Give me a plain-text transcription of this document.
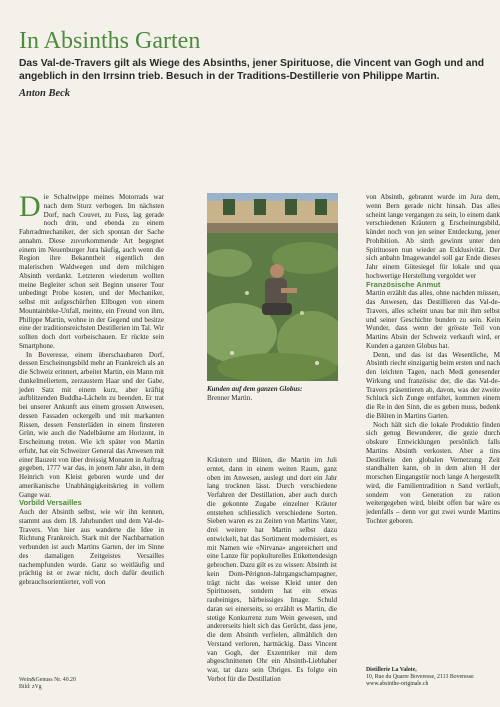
In Absinths Garten

Das Val-de-Travers gilt als Wiege des Absinths, jener Spirituose, die Vincent van Gogh und and

angeblich in den Irrsinn trieb. Besuch in der Traditions-Destillerie von Philippe Martin.

Anton Beck

Die Schaltwippe meines Motorrads war nach dem Sturz verbogen. Im nächsten Dorf, nach Couvet, zu Fuss, lag gerade noch drin, und ebenda zu einem Fahrradmechaniker, der sich spontan der Sache annahm. Diese zuvorkommende Art begegnet einem im Neuenburger Jura häufig, auch wenn die Region ihre Bekanntheit eigentlich den malerischen Waldwegen und dem milchigen Absinth verdankt. Letzteren wiederum wollten meine Begleiter schon seit Beginn unserer Tour unbedingt Probe kosten, und der Mechaniker, selbst mit aufgeschürften Ellbogen von einem Mountainbike-Unfall, meinte, ein Freund von ihm, Philippe Martin, wohne in der Gegend und besitze eine der traditionsreichsten Destillerien im Tal. Wir sollten doch dort vorbeischauen. Er rückte sein Smartphone.

In Boveresse, einem überschaubaren Dorf, dessen Erscheinungsbild mehr an Frankreich als an die Schweiz erinnert, arbeitet Martin, ein Mann mit dunkelmeliertem, zerzaustem Haar und der Gabe, jeden Satz mit einem kurz, aber kräftig aufblitzenden Buddha-Lächeln zu beenden. Er trat bei unserer Ankunft aus einem grossen Anwesen, dessen Fassaden ockergelb und mit markanten Rissen, dessen Fensterläden in einem finsteren Grün, wie auch die Nadelbäume am Horizont, in Erscheinung treten. Wie ich später von Martin erfuhr, hat ein Schweizer General das Anwesen mit einer Bauzeit von über dreissig Monaten in Auftrag gegeben, 1777 war das, in jenem Jahr also, in dem Heinrich von Kleist geboren wurde und der amerikanische Unabhängigkeitskrieg in vollem Gange war.

Vorbild Versailles

Auch der Absinth selbst, wie wir ihn kennen, stammt aus dem 18. Jahrhundert und dem Val-de-Travers. Von hier aus wanderte die Idee in Richtung Frankreich. Stark mit der Nachbarnation verbunden ist auch Martins Garten, der im Sinne des damaligen Zeitgeistes Versailles nachempfunden wurde. Ganz so weitläufig und prächtig ist er zwar nicht, doch dafür deutlich gebrauchsorientierter, voll von

Kunden auf dem ganzen Globus:
Brenner Martin.

Kräutern und Blüten, die Martin im Juli erntet, dann in einem weiten Raum, ganz oben im Anwesen, auslegt und dort ein Jahr lang trocknen lässt. Durch verschiedene Verfahren der Destillation, aber auch durch die gekonnte Zugabe einzelner Kräuter entstehen schliesslich verschiedene Sorten. Sieben waren es zu Zeiten von Martins Vater, drei weitere hat Martin selbst dazu entwickelt, hat das Sortiment modernisiert, es mit Namen wie «Nirvana» angereichert und eine Lanze für popkulturelles Etikettendesign gebrochen. Dazu gilt es zu wissen: Absinth ist kein Dom-Pérignon-Jahrgangschampagner, trägt nicht das weisse Kleid unter den Spirituosen, sondern hat ein etwas raubeiniges, bärbeissiges Image. Schuld daran sei einerseits, so erzählt es Martin, die stetige Konkurrenz zum Wein gewesen, und andererseits hielt sich das Gerücht, dass jene, die dem Absinth verfielen, allmählich den Verstand verloren, hartnäckig. Dass Vincent van Gogh, der Exzentriker mit dem abgeschnittenen Ohr ein Absinth-Liebhaber war, tat dazu sein Übriges. Es folgte ein Verbot für die Destillation

von Absinth, gebrannt wurde im Jura dem, wenn Bern gerade nicht hinsah. Das alles scheint lange vergangen zu sein, lo einem dank verschiedenen Kräutern g Erscheinungsbild, kündet noch von jen seiner Entdeckung, jener Prohibition. Ab sinth gewinnt unter den Spirituosen nun wieder an Exklusivität. Der sich anbahn Imagewandel soll gar Ende dieses Jahr einem Gütesiegel für lokale und qua hochwertige Herstellung vergoldet wer

Französische Anmut

Martin erzählt das alles, ohne nachden müssen, das Anwesen, das Destillieren das Val-de-Travers, alles scheint unau bar mit ihm selbst und seiner Geschichte bunden zu sein. Kein Wunder, dass wenn der grösste Teil von Martins Absin der Schweiz verkauft wird, er Kunden a ganzen Globus hat.

Denn, und das ist das Wesentliche, M Absinth riecht einzigartig beim ersten und nach den leichten Tagen, nach Medi genesender Wirkung und französisc der, die das Val-de-Travers präsentieren ab, davon, was der zweite Schluck sich Zunge entfaltet, kommen einem die Re in den Sinn, die es geben muss, bedenk die Blüten in Martins Garten.

Noch hält sich die lokale Produktio finden sich genug Bewunderer, die gezie durch obskure Entwicklungen persönlich falls Martins Absinth verkosten. Aber a tins Destillerie den globalen Vernetzung Zeit standhalten kann, ob in dem alten H der morschen Eingangstür noch lange A hergestellt wird, die Familientradition n Sand verläuft, sondern von Generation zu ration weitergegeben wird, bleibt offen bar wäre es jedenfalls – denn vor gut zwei wurde Martins Tochter geboren.

Distillerie La Valote,
10, Rue du Quarre Boveresse, 2113 Boveresse
www.absinthe-originale.ch
Wein&Genuss Nr. 40.20
Bild: zVg
